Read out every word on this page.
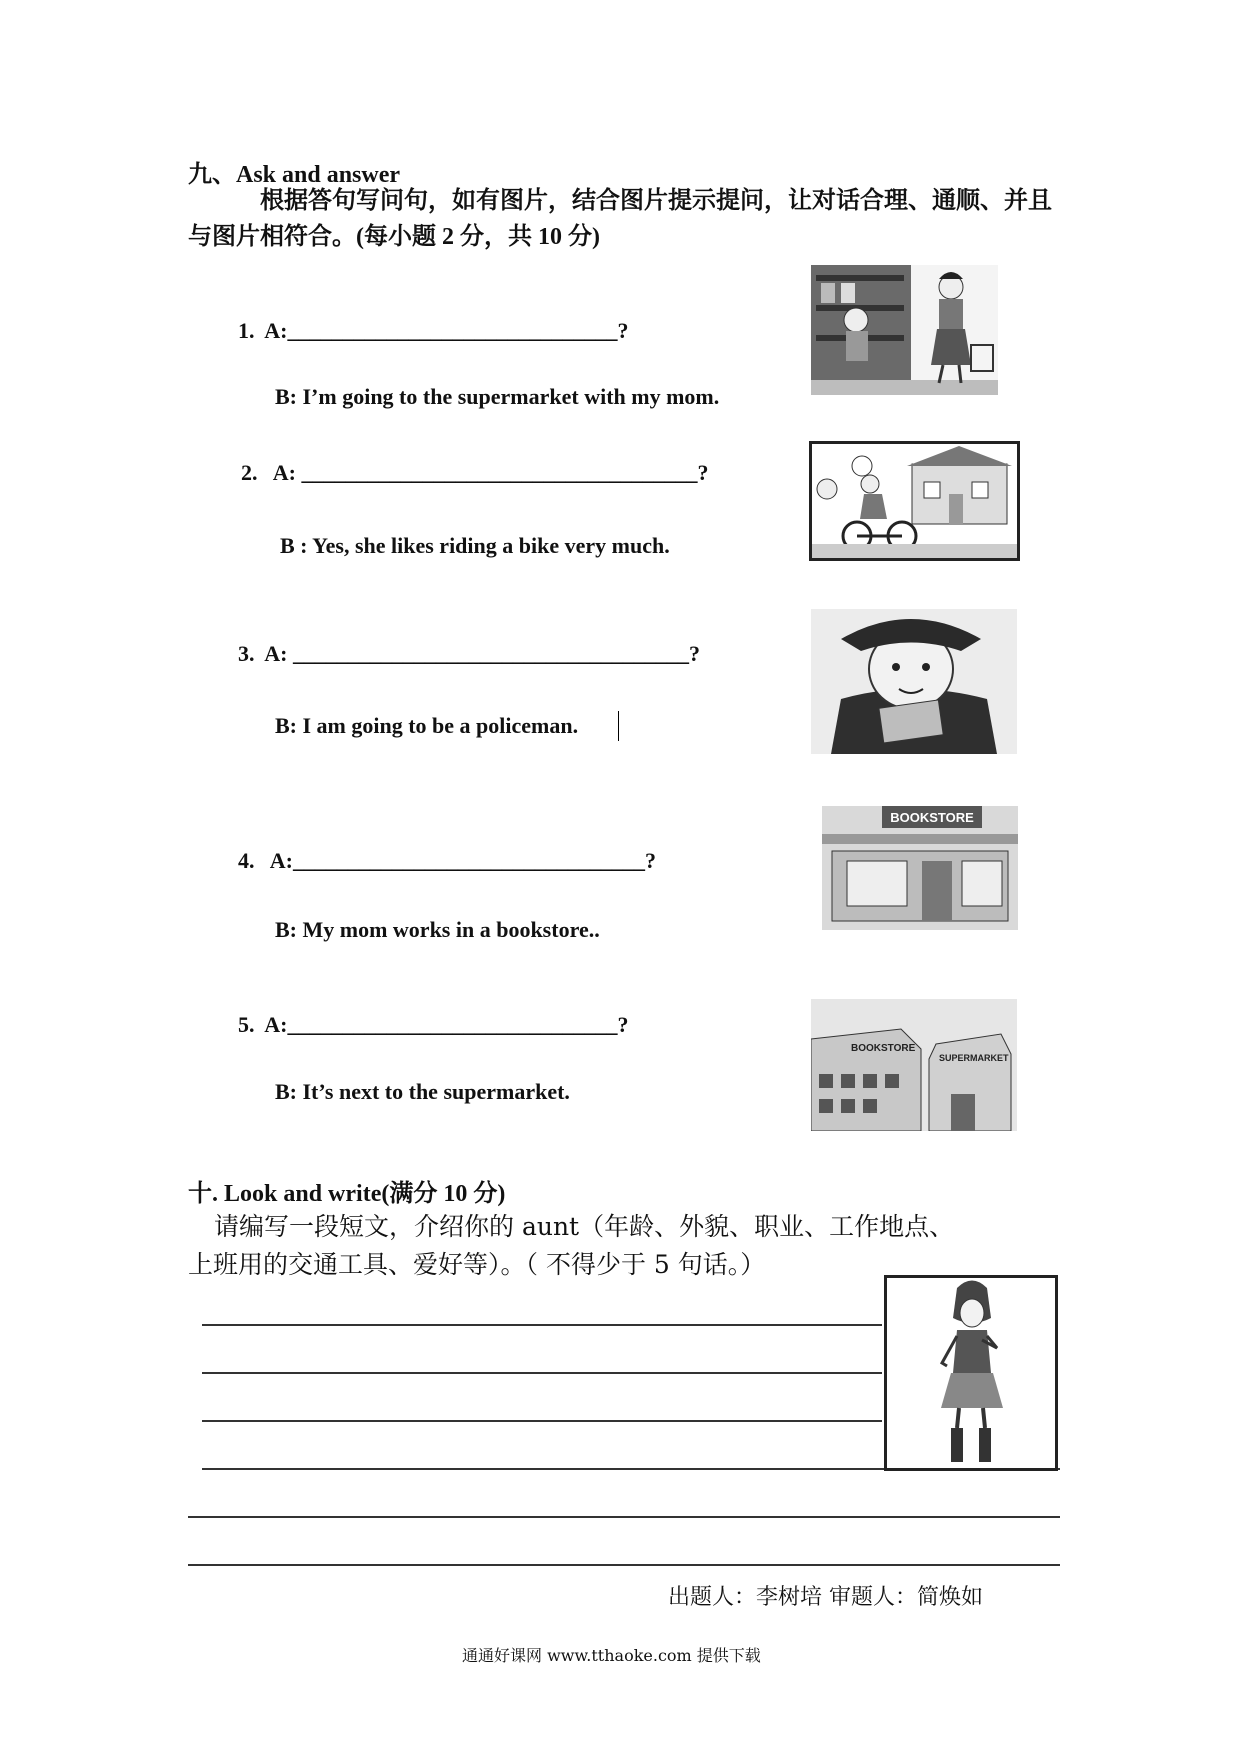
九、Ask and answer
根据答句写问句，如有图片，结合图片提示提问，让对话合理、通顺、并且与图片相符合。(每小题 2 分，共 10 分)
1.  A:______________________________?
B: I’m going to the supermarket with my mom.
2.   A: ____________________________________?
B : Yes, she likes riding a bike very much.
3.  A: ____________________________________?
B: I am going to be a policeman.
4.   A:________________________________?
B: My mom works in a bookstore..
BOOKSTORE
5.  A:______________________________?
B: It’s next to the supermarket.
BOOKSTORE
SUPERMARKET
十. Look and write(满分 10 分)
请编写一段短文，介绍你的 aunt（年龄、外貌、职业、工作地点、
上班用的交通工具、爱好等）。（ 不得少于 5 句话。）
出题人：李树培 审题人：简焕如
通通好课网 www.tthaoke.com 提供下载
